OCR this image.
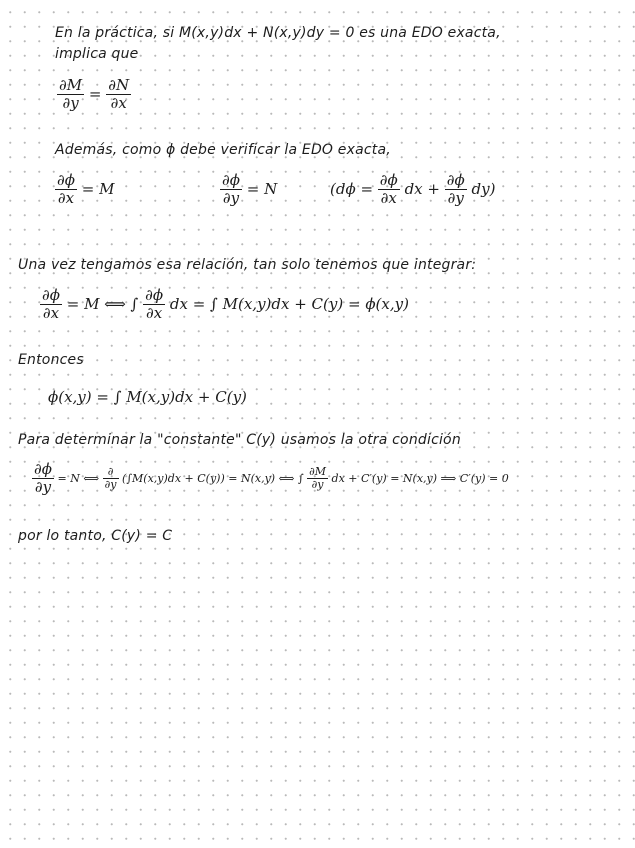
En la práctica, si M(x,y)dx + N(x,y)dy = 0 es una EDO exacta,
implica que
$\frac{\partial M}{\partial y} = \frac{\partial N}{\partial x}$
Además, como ϕ debe verificar la EDO exacta,
$\frac{\partial\phi}{\partial x} = M$	$\frac{\partial\phi}{\partial y} = N$	($d\phi = \frac{\partial\phi}{\partial x}$ dx + $\frac{\partial\phi}{\partial y} dy$)
Una vez tengamos esa relación, tan solo tenemos que integrar:
$\frac{\partial\phi}{\partial x} = M$ ⟺ ∫ $\frac{\partial\phi}{\partial x}$ dx = ∫ M(x,y)dx + C(y) = ϕ(x,y)
Entonces
ϕ(x,y) = ∫ M(x,y)dx + C(y)
Para determinar la "constante" C(y) usamos la otra condición
$\frac{\partial\phi}{\partial y} = N$ ⟺ $\frac{\partial}{\partial y} (\int M(x,y)dx + C(y)) = N(x,y)$ ⟺ ∫ $\frac{\partial M}{\partial y}$ dx + C′(y) = N(x,y) ⟹ C′(y) = 0
por lo tanto, C(y) = C
